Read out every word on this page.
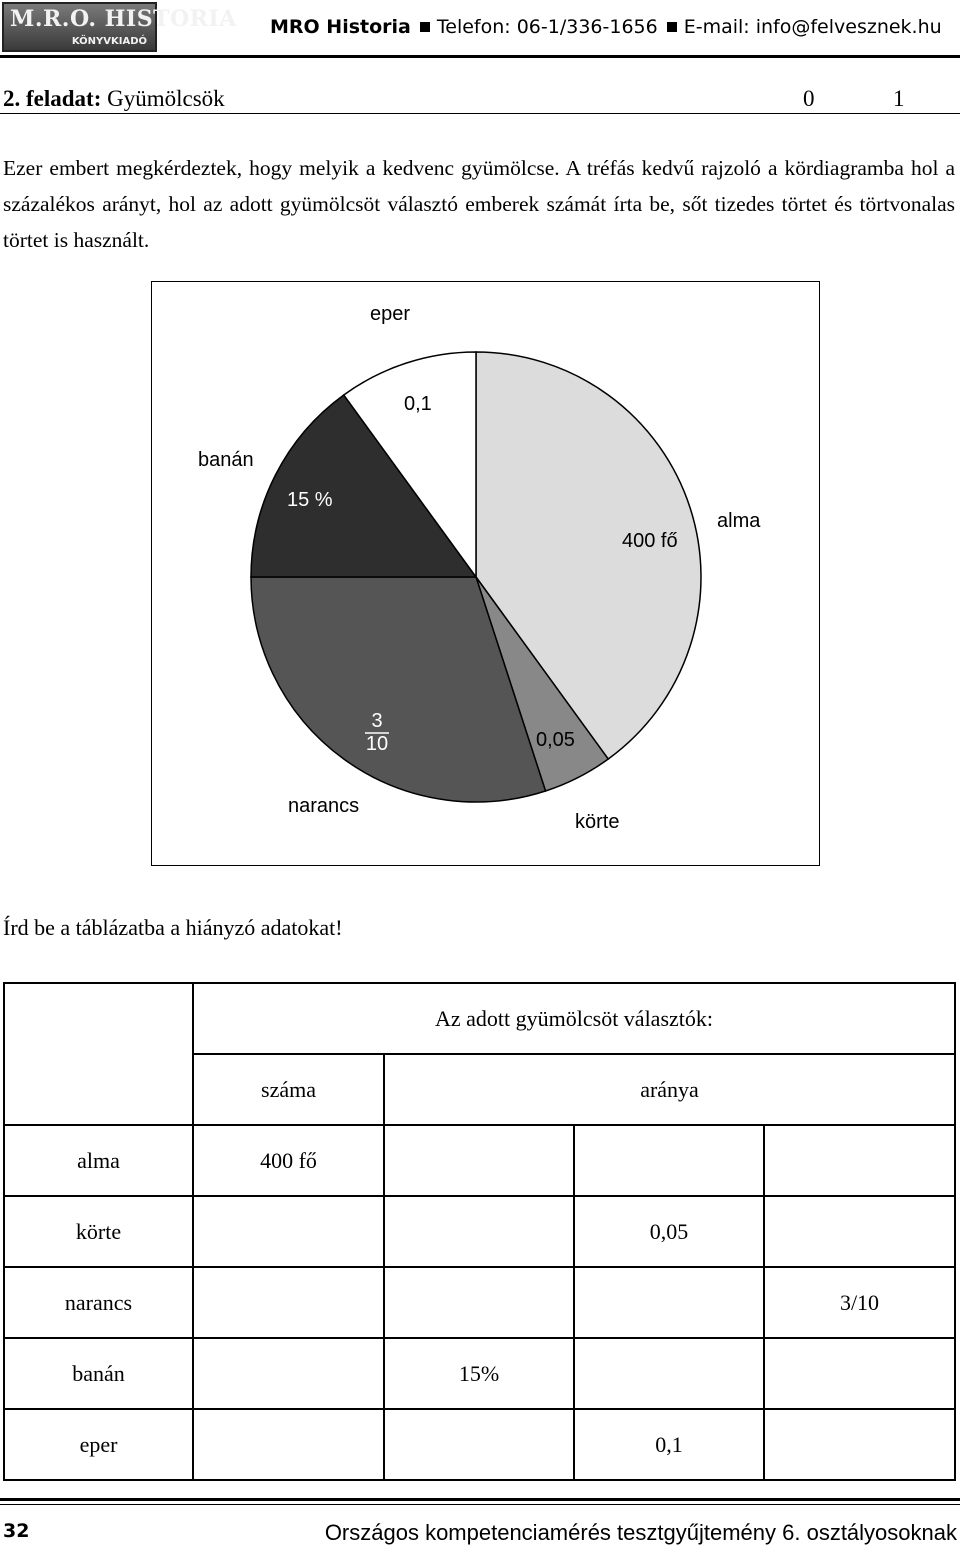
M.R.O. HISTORIA
KÖNYVKIADÓ
MRO Historia Telefon: 06-1/336-1656 E-mail: info@felvesznek.hu
2. feladat: Gyümölcsök	0	1

Ezer embert megkérdeztek, hogy melyik a kedvenc gyümölcse. A tréfás kedvű rajzoló a kördiagramba hol a százalékos arányt, hol az adott gyümölcsöt választó emberek számát írta be, sőt tizedes törtet és törtvonalas törtet is használt.

eper
0,1
banán
15 %
alma
400 fő
3
10	0,05
narancs
körte

Írd be a táblázatba a hiányzó adatokat!

	Az adott gyümölcsöt választók:			
	száma	aránya		
alma	400 fő			
körte			0,05	
narancs				3/10
banán		15%		
eper			0,1	
32	Országos kompetenciamérés tesztgyűjtemény 6. osztályosoknak
